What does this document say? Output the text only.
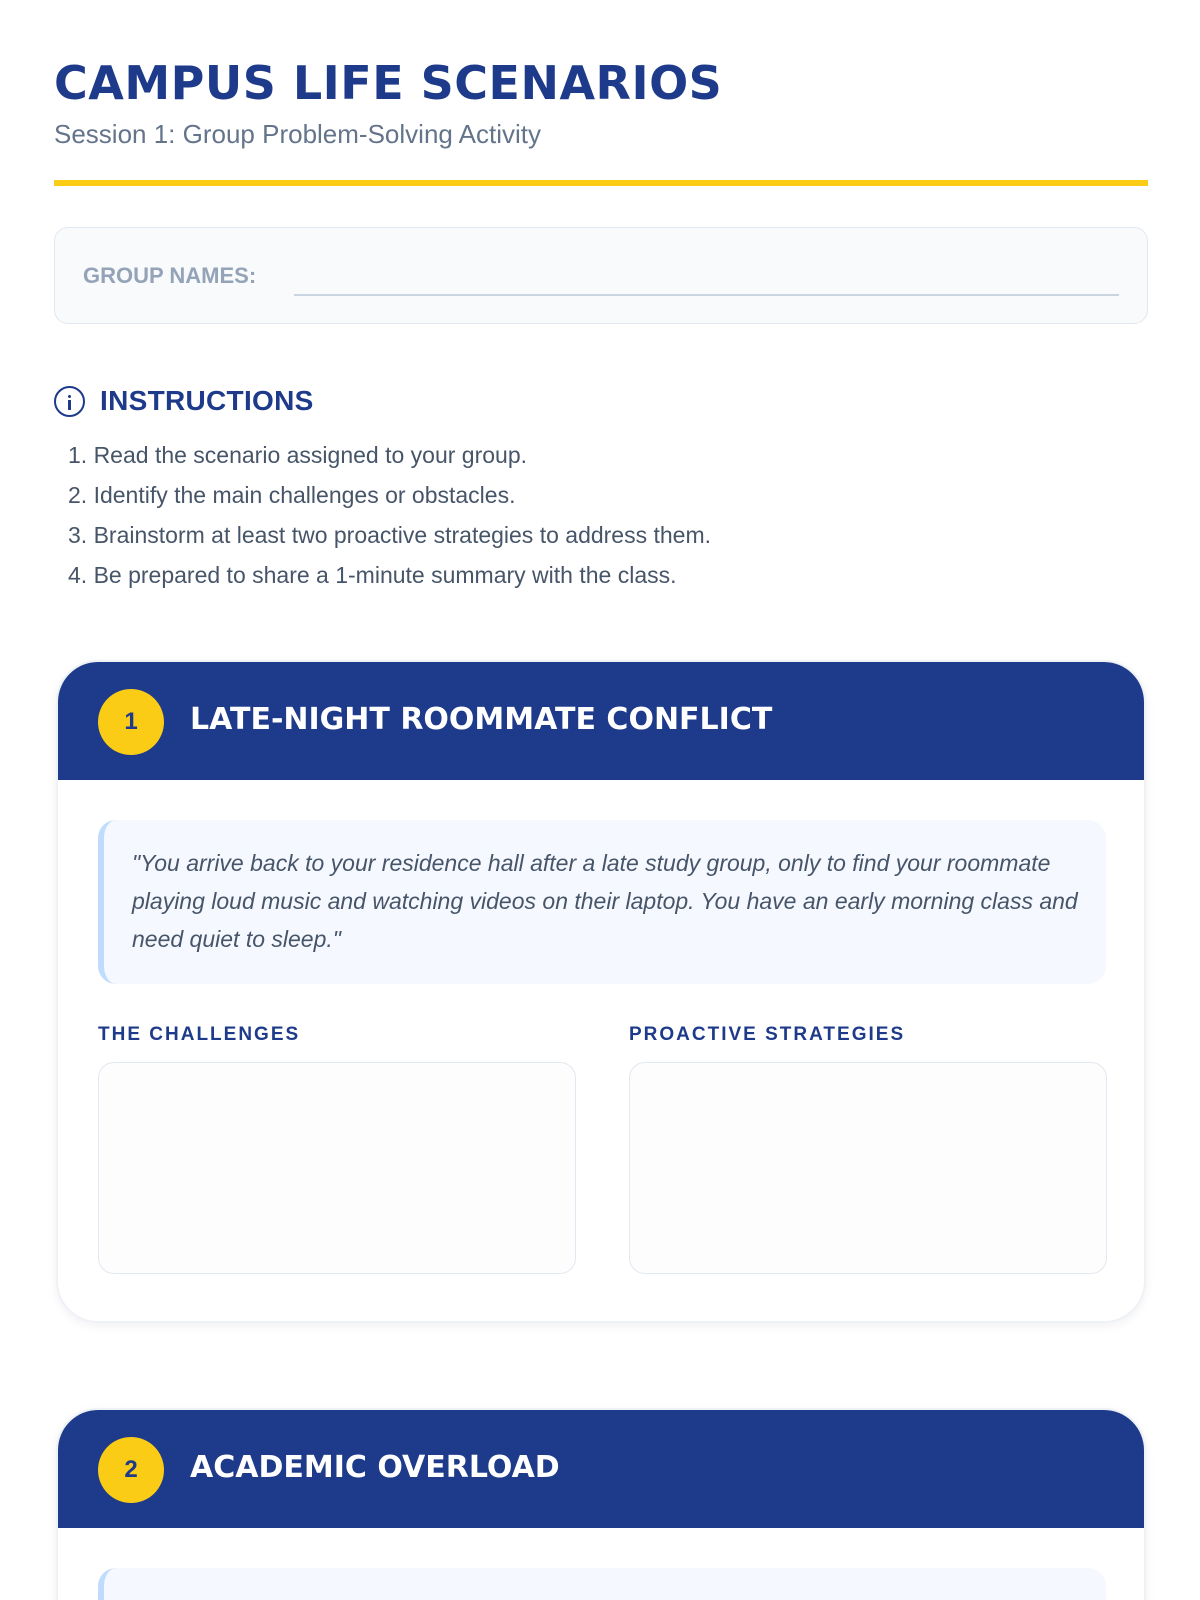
CAMPUS LIFE SCENARIOS
Session 1: Group Problem-Solving Activity
GROUP NAMES:
INSTRUCTIONS
1. Read the scenario assigned to your group.
2. Identify the main challenges or obstacles.
3. Brainstorm at least two proactive strategies to address them.
4. Be prepared to share a 1-minute summary with the class.
1	LATE-NIGHT ROOMMATE CONFLICT
"You arrive back to your residence hall after a late study group, only to find your roommate playing loud music and watching videos on their laptop. You have an early morning class and need quiet to sleep."
THE CHALLENGES	PROACTIVE STRATEGIES
2	ACADEMIC OVERLOAD
